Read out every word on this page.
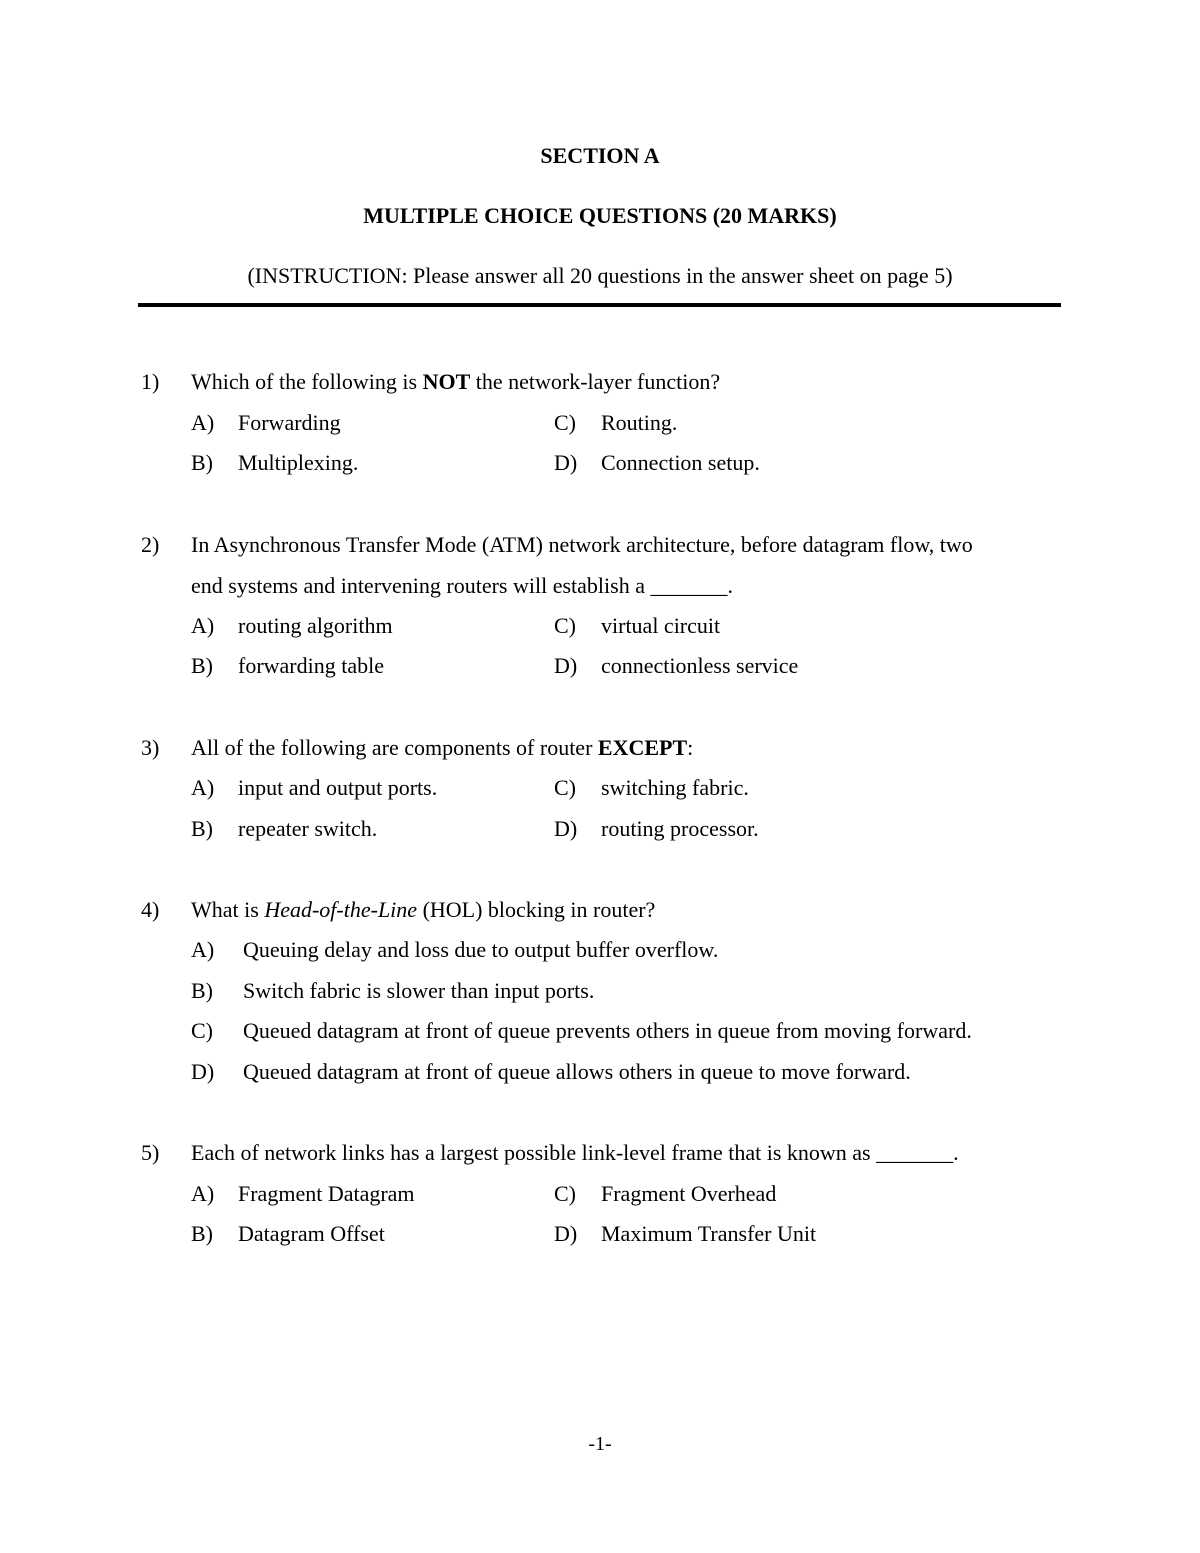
SECTION A
MULTIPLE CHOICE QUESTIONS (20 MARKS)
(INSTRUCTION: Please answer all 20 questions in the answer sheet on page 5)
1) Which of the following is NOT the network-layer function?
A) Forwarding	C) Routing.
B) Multiplexing.	D) Connection setup.
2) In Asynchronous Transfer Mode (ATM) network architecture, before datagram flow, two
end systems and intervening routers will establish a _______.
A) routing algorithm	C) virtual circuit
B) forwarding table	D) connectionless service
3) All of the following are components of router EXCEPT:
A) input and output ports.	C) switching fabric.
B) repeater switch.	D) routing processor.
4) What is Head-of-the-Line (HOL) blocking in router?
A) Queuing delay and loss due to output buffer overflow.
B) Switch fabric is slower than input ports.
C) Queued datagram at front of queue prevents others in queue from moving forward.
D) Queued datagram at front of queue allows others in queue to move forward.
5) Each of network links has a largest possible link-level frame that is known as _______.
A) Fragment Datagram	C) Fragment Overhead
B) Datagram Offset	D) Maximum Transfer Unit
-1-
